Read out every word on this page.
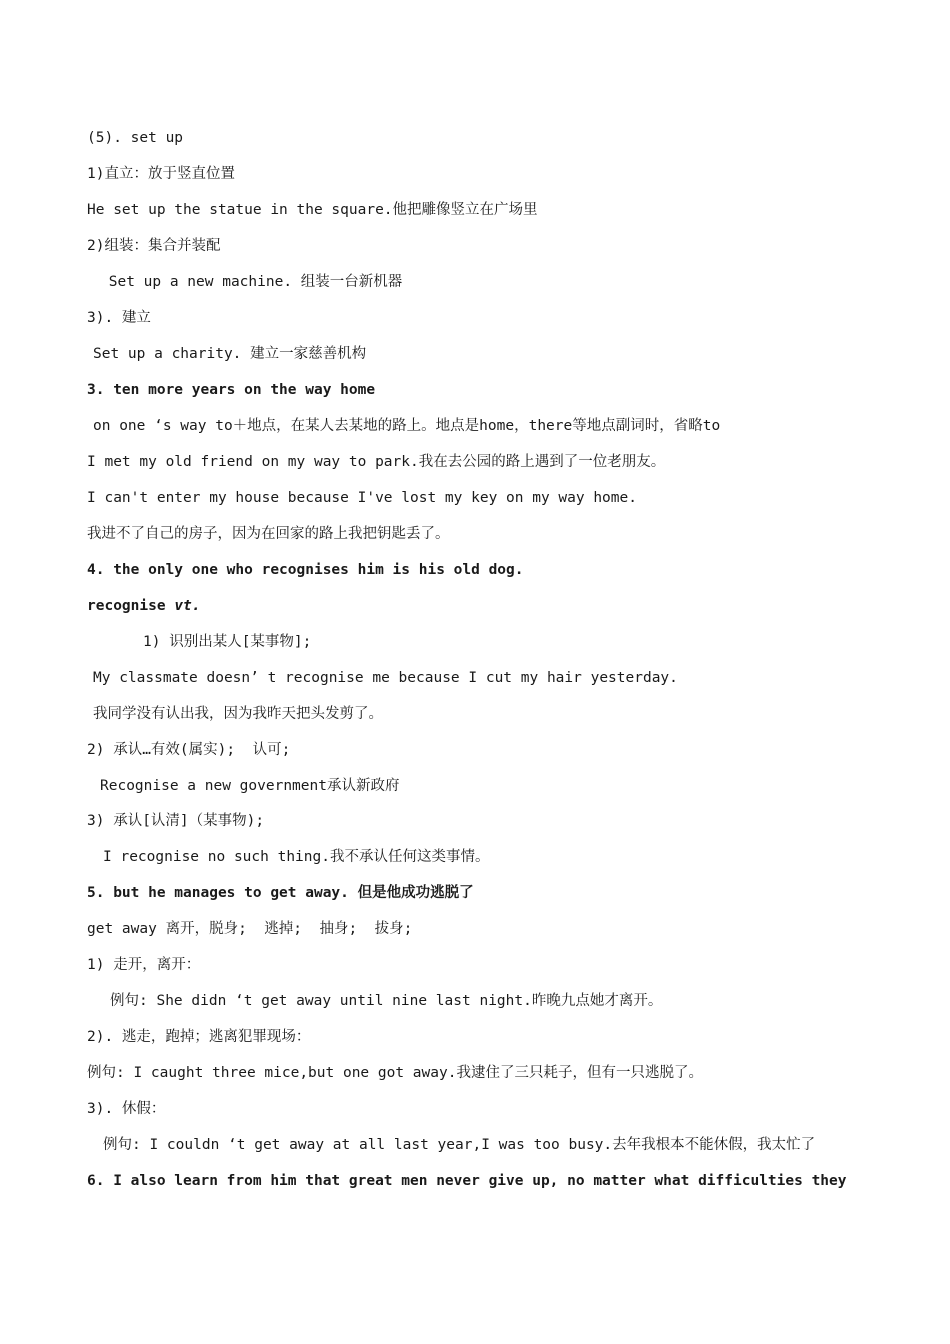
(5). set up
1)直立：放于竖直位置
He set up the statue in the square.他把雕像竖立在广场里
2)组装：集合并装配
Set up a new machine. 组装一台新机器
3). 建立
Set up a charity. 建立一家慈善机构
3. ten more years on the way home
on one ‘s way to＋地点，在某人去某地的路上。地点是home，there等地点副词时，省略to
I met my old friend on my way to park.我在去公园的路上遇到了一位老朋友。
I can't enter my house because I've lost my key on my way home.
我进不了自己的房子，因为在回家的路上我把钥匙丢了。
4. the only one who recognises him is his old dog.
recognise vt.
1) 识别出某人[某事物];
My classmate doesn’ t recognise me because I cut my hair yesterday.
我同学没有认出我，因为我昨天把头发剪了。
2) 承认…有效(属实);  认可;
Recognise a new government承认新政府
3) 承认[认清]（某事物);
I recognise no such thing.我不承认任何这类事情。
5. but he manages to get away. 但是他成功逃脱了
get away 离开，脱身;  逃掉;  抽身;  拔身;
1) 走开，离开：
例句: She didn ‘t get away until nine last night.昨晚九点她才离开。
2). 逃走，跑掉；逃离犯罪现场：
例句: I caught three mice,but one got away.我逮住了三只耗子，但有一只逃脱了。
3). 休假：
例句: I couldn ‘t get away at all last year,I was too busy.去年我根本不能休假，我太忙了
6. I also learn from him that great men never give up, no matter what difficulties they
